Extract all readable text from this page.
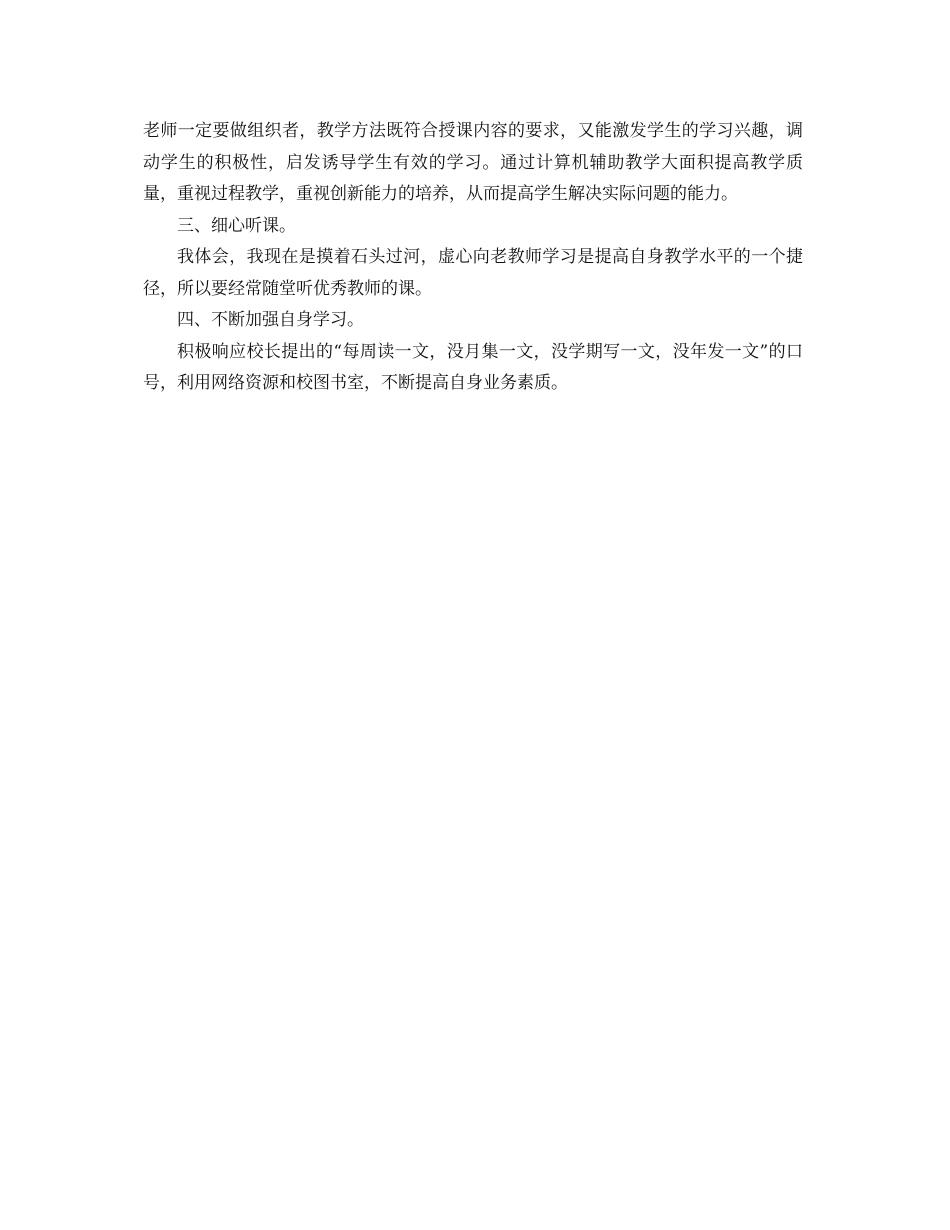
老师一定要做组织者，教学方法既符合授课内容的要求，又能激发学生的学习兴趣，调动学生的积极性，启发诱导学生有效的学习。通过计算机辅助教学大面积提高教学质量，重视过程教学，重视创新能力的培养，从而提高学生解决实际问题的能力。

三、细心听课。

我体会，我现在是摸着石头过河，虚心向老教师学习是提高自身教学水平的一个捷径，所以要经常随堂听优秀教师的课。

四、不断加强自身学习。

积极响应校长提出的“每周读一文，没月集一文，没学期写一文，没年发一文”的口号，利用网络资源和校图书室，不断提高自身业务素质。
